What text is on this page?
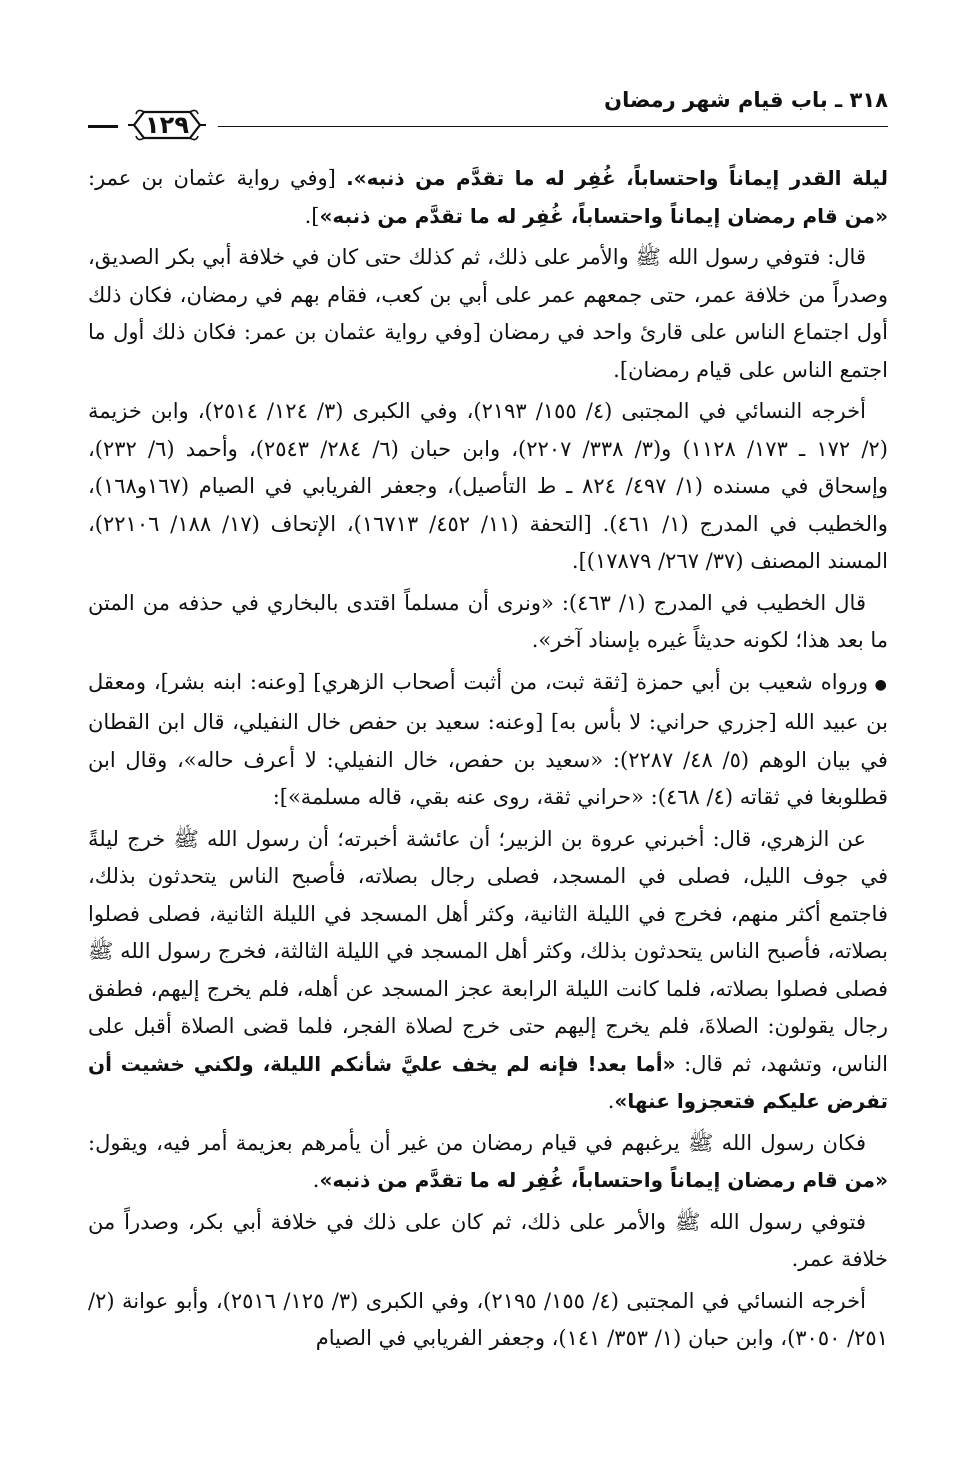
٣١٨ ـ باب قيام شهر رمضان
١٢٩

ليلة القدر إيماناً واحتساباً، غُفِر له ما تقدَّم من ذنبه». [وفي رواية عثمان بن عمر: «من قام رمضان إيماناً واحتساباً، غُفِر له ما تقدَّم من ذنبه»].

قال: فتوفي رسول الله ﷺ والأمر على ذلك، ثم كذلك حتى كان في خلافة أبي بكر الصديق، وصدراً من خلافة عمر، حتى جمعهم عمر على أبي بن كعب، فقام بهم في رمضان، فكان ذلك أول اجتماع الناس على قارئ واحد في رمضان [وفي رواية عثمان بن عمر: فكان ذلك أول ما اجتمع الناس على قيام رمضان].

أخرجه النسائي في المجتبى (٤/ ١٥٥/ ٢١٩٣)، وفي الكبرى (٣/ ١٢٤/ ٢٥١٤)، وابن خزيمة (٢/ ١٧٢ ـ ١٧٣/ ١١٢٨) و(٣/ ٣٣٨/ ٢٢٠٧)، وابن حبان (٦/ ٢٨٤/ ٢٥٤٣)، وأحمد (٦/ ٢٣٢)، وإسحاق في مسنده (١/ ٤٩٧/ ٨٢٤ ـ ط التأصيل)، وجعفر الفريابي في الصيام (١٦٧و١٦٨)، والخطيب في المدرج (١/ ٤٦١). [التحفة (١١/ ٤٥٢/ ١٦٧١٣)، الإتحاف (١٧/ ١٨٨/ ٢٢١٠٦)، المسند المصنف (٣٧/ ٢٦٧/ ١٧٨٧٩)].

قال الخطيب في المدرج (١/ ٤٦٣): «ونرى أن مسلماً اقتدى بالبخاري في حذفه من المتن ما بعد هذا؛ لكونه حديثاً غيره بإسناد آخر».

● ورواه شعيب بن أبي حمزة [ثقة ثبت، من أثبت أصحاب الزهري] [وعنه: ابنه بشر]، ومعقل بن عبيد الله [جزري حراني: لا بأس به] [وعنه: سعيد بن حفص خال النفيلي، قال ابن القطان في بيان الوهم (٥/ ٤٨/ ٢٢٨٧): «سعيد بن حفص، خال النفيلي: لا أعرف حاله»، وقال ابن قطلوبغا في ثقاته (٤/ ٤٦٨): «حراني ثقة، روى عنه بقي، قاله مسلمة»]:

عن الزهري، قال: أخبرني عروة بن الزبير؛ أن عائشة أخبرته؛ أن رسول الله ﷺ خرج ليلةً في جوف الليل، فصلى في المسجد، فصلى رجال بصلاته، فأصبح الناس يتحدثون بذلك، فاجتمع أكثر منهم، فخرج في الليلة الثانية، وكثر أهل المسجد في الليلة الثانية، فصلى فصلوا بصلاته، فأصبح الناس يتحدثون بذلك، وكثر أهل المسجد في الليلة الثالثة، فخرج رسول الله ﷺ فصلى فصلوا بصلاته، فلما كانت الليلة الرابعة عجز المسجد عن أهله، فلم يخرج إليهم، فطفق رجال يقولون: الصلاةَ، فلم يخرج إليهم حتى خرج لصلاة الفجر، فلما قضى الصلاة أقبل على الناس، وتشهد، ثم قال: «أما بعد! فإنه لم يخف عليَّ شأنكم الليلة، ولكني خشيت أن تفرض عليكم فتعجزوا عنها».

فكان رسول الله ﷺ يرغبهم في قيام رمضان من غير أن يأمرهم بعزيمة أمر فيه، ويقول: «من قام رمضان إيماناً واحتساباً، غُفِر له ما تقدَّم من ذنبه».

فتوفي رسول الله ﷺ والأمر على ذلك، ثم كان على ذلك في خلافة أبي بكر، وصدراً من خلافة عمر.

أخرجه النسائي في المجتبى (٤/ ١٥٥/ ٢١٩٥)، وفي الكبرى (٣/ ١٢٥/ ٢٥١٦)، وأبو عوانة (٢/ ٢٥١/ ٣٠٥٠)، وابن حبان (١/ ٣٥٣/ ١٤١)، وجعفر الفريابي في الصيام
